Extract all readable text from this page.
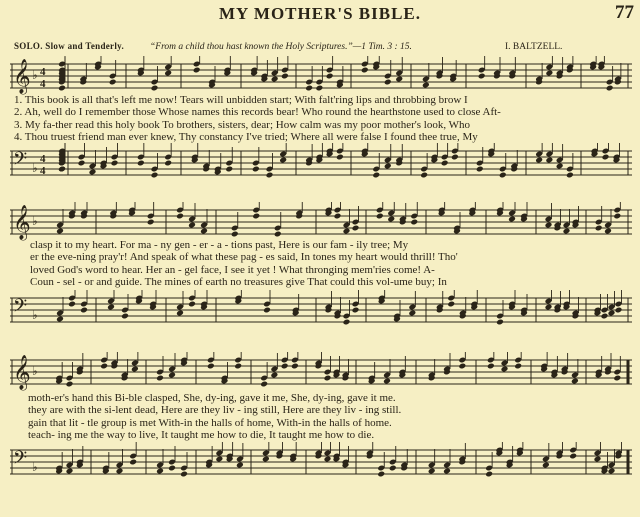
MY MOTHER'S BIBLE.	77
SOLO. Slow and Tenderly.	“From a child thou hast known the Holy Scriptures.”—1 Tim. 3 : 15.	I. BALTZELL.
𝄞 ♭ 4
4
1. This book is all that's left me now! Tears will unbidden start; With falt'ring lips and throbbing brow I
2. Ah, well do I remember those Whose names this records bear! Who round the hearthstone used to close Aft-
3. My fa-ther read this holy book To brothers, sisters, dear; How calm was my poor mother's look, Who
4. Thou truest friend man ever knew, Thy constancy I've tried; Where all were false I found thee true, My
𝄢 ♭
4
4
𝄞 ♭
clasp it to my heart. For ma - ny gen - er - a - tions past, Here is our fam - ily tree; My
er the eve-ning pray'r! And speak of what these pag - es said, In tones my heart would thrill! Tho'
loved God's word to hear. Her an - gel face, I see it yet ! What thronging mem'ries come! A-
Coun - sel - or and guide. The mines of earth no treasures give That could this vol-ume buy; In
𝄢 ♭
𝄞 ♭
moth-er's hand this Bi-ble clasped, She, dy-ing, gave it me, She, dy-ing, gave it me.
they are with the si-lent dead, Here are they liv - ing still, Here are they liv - ing still.
gain that lit - tle group is met With-in the halls of home, With-in the halls of home.
teach- ing me the way to live, It taught me how to die, It taught me how to die.
𝄢 ♭
